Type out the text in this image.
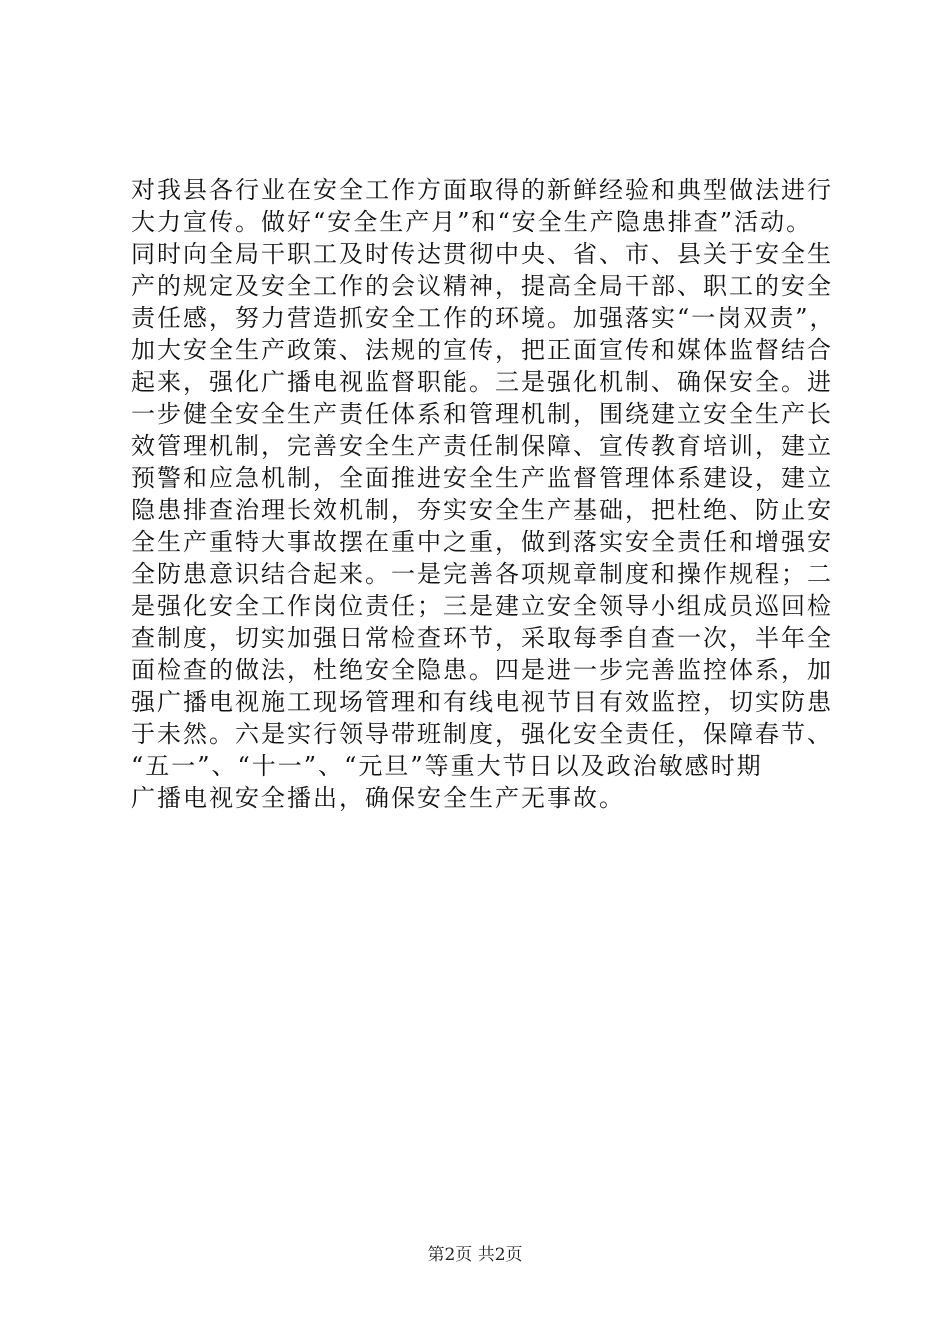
对我县各行业在安全工作方面取得的新鲜经验和典型做法进行
大力宣传。做好“安全生产月”和“安全生产隐患排查”活动。
同时向全局干职工及时传达贯彻中央、省、市、县关于安全生
产的规定及安全工作的会议精神，提高全局干部、职工的安全
责任感，努力营造抓安全工作的环境。加强落实“一岗双责”，
加大安全生产政策、法规的宣传，把正面宣传和媒体监督结合
起来，强化广播电视监督职能。三是强化机制、确保安全。进
一步健全安全生产责任体系和管理机制，围绕建立安全生产长
效管理机制，完善安全生产责任制保障、宣传教育培训，建立
预警和应急机制，全面推进安全生产监督管理体系建设，建立
隐患排查治理长效机制，夯实安全生产基础，把杜绝、防止安
全生产重特大事故摆在重中之重，做到落实安全责任和增强安
全防患意识结合起来。一是完善各项规章制度和操作规程；二
是强化安全工作岗位责任；三是建立安全领导小组成员巡回检
查制度，切实加强日常检查环节，采取每季自查一次，半年全
面检查的做法，杜绝安全隐患。四是进一步完善监控体系，加
强广播电视施工现场管理和有线电视节目有效监控，切实防患
于未然。六是实行领导带班制度，强化安全责任，保障春节、
“五一”、“十一”、“元旦”等重大节日以及政治敏感时期
广播电视安全播出，确保安全生产无事故。
第2页 共2页
